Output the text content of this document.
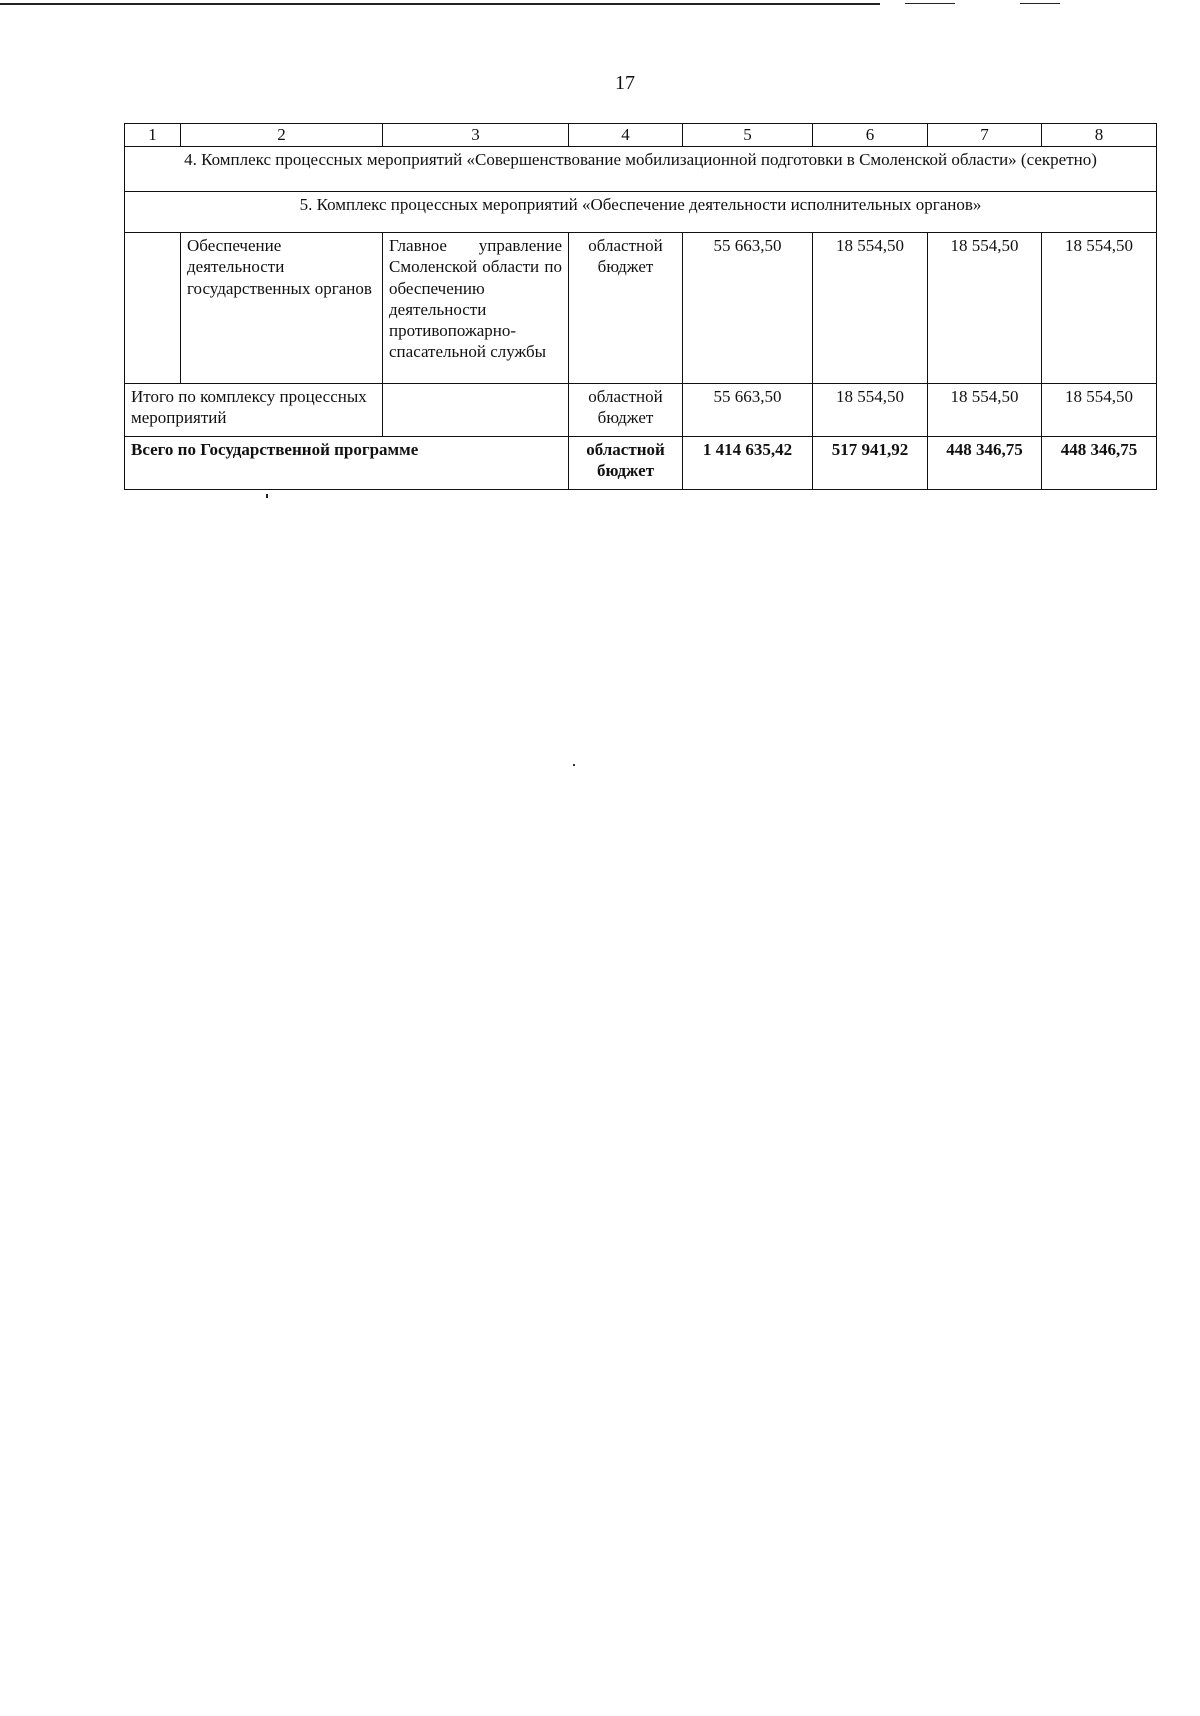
17
1	2	3	4	5	6	7	8
4. Комплекс процессных мероприятий «Совершенствование мобилизационной подготовки в Смоленской области» (секретно)							
5. Комплекс процессных мероприятий «Обеспечение деятельности исполнительных органов»							
	Обеспечение деятельности государственных органов	Главное управление Смоленской области по обеспечению деятельности противопожарно-спасательной службы	областной бюджет	55 663,50	18 554,50	18 554,50	18 554,50
Итого по комплексу процессных мероприятий			областной бюджет	55 663,50	18 554,50	18 554,50	18 554,50
Всего по Государственной программе			областной бюджет	1 414 635,42	517 941,92	448 346,75	448 346,75
